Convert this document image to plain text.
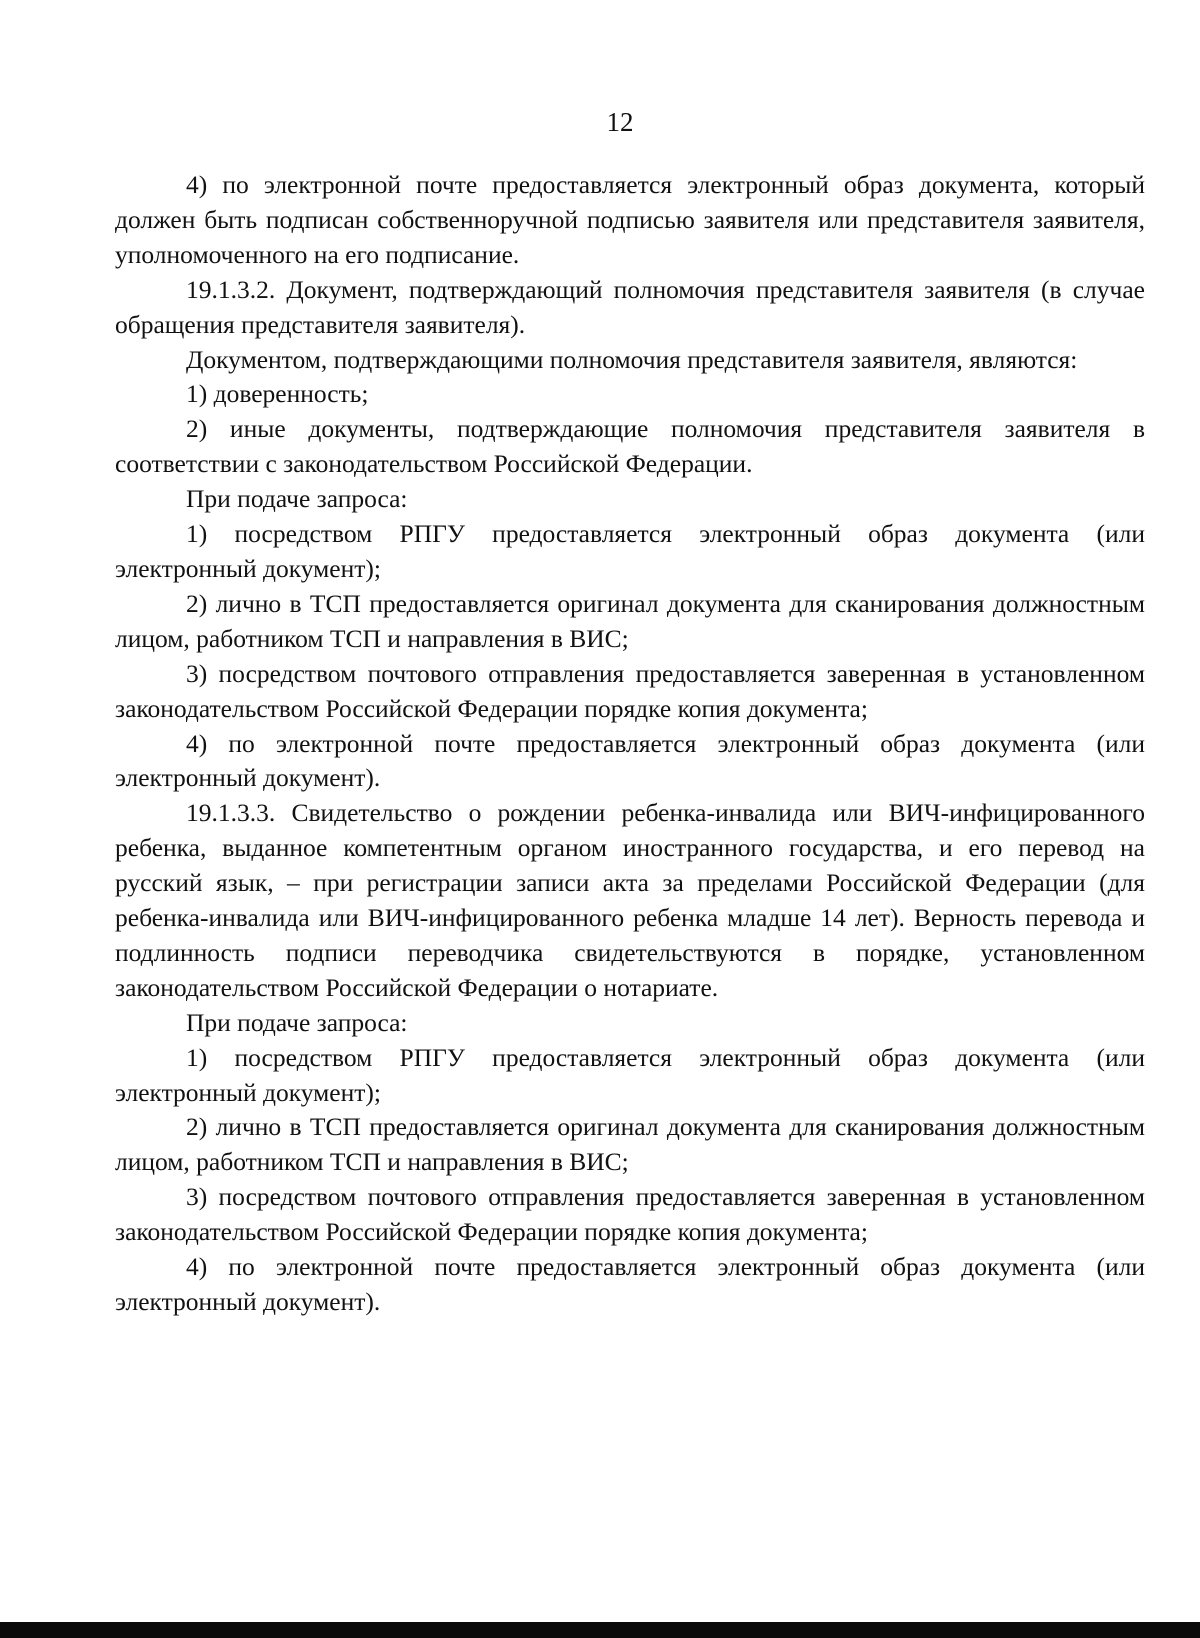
12

4) по электронной почте предоставляется электронный образ документа, который должен быть подписан собственноручной подписью заявителя или представителя заявителя, уполномоченного на его подписание.

19.1.3.2. Документ, подтверждающий полномочия представителя заявителя (в случае обращения представителя заявителя).

Документом, подтверждающими полномочия представителя заявителя, являются:

1) доверенность;

2) иные документы, подтверждающие полномочия представителя заявителя в соответствии с законодательством Российской Федерации.

При подаче запроса:

1) посредством РПГУ предоставляется электронный образ документа (или электронный документ);

2) лично в ТСП предоставляется оригинал документа для сканирования должностным лицом, работником ТСП и направления в ВИС;

3) посредством почтового отправления предоставляется заверенная в установленном законодательством Российской Федерации порядке копия документа;

4) по электронной почте предоставляется электронный образ документа (или электронный документ).

19.1.3.3. Свидетельство о рождении ребенка-инвалида или ВИЧ-инфицированного ребенка, выданное компетентным органом иностранного государства, и его перевод на русский язык, – при регистрации записи акта за пределами Российской Федерации (для ребенка-инвалида или ВИЧ-инфицированного ребенка младше 14 лет). Верность перевода и подлинность подписи переводчика свидетельствуются в порядке, установленном законодательством Российской Федерации о нотариате.

При подаче запроса:

1) посредством РПГУ предоставляется электронный образ документа (или электронный документ);

2) лично в ТСП предоставляется оригинал документа для сканирования должностным лицом, работником ТСП и направления в ВИС;

3) посредством почтового отправления предоставляется заверенная в установленном законодательством Российской Федерации порядке копия документа;

4) по электронной почте предоставляется электронный образ документа (или электронный документ).
